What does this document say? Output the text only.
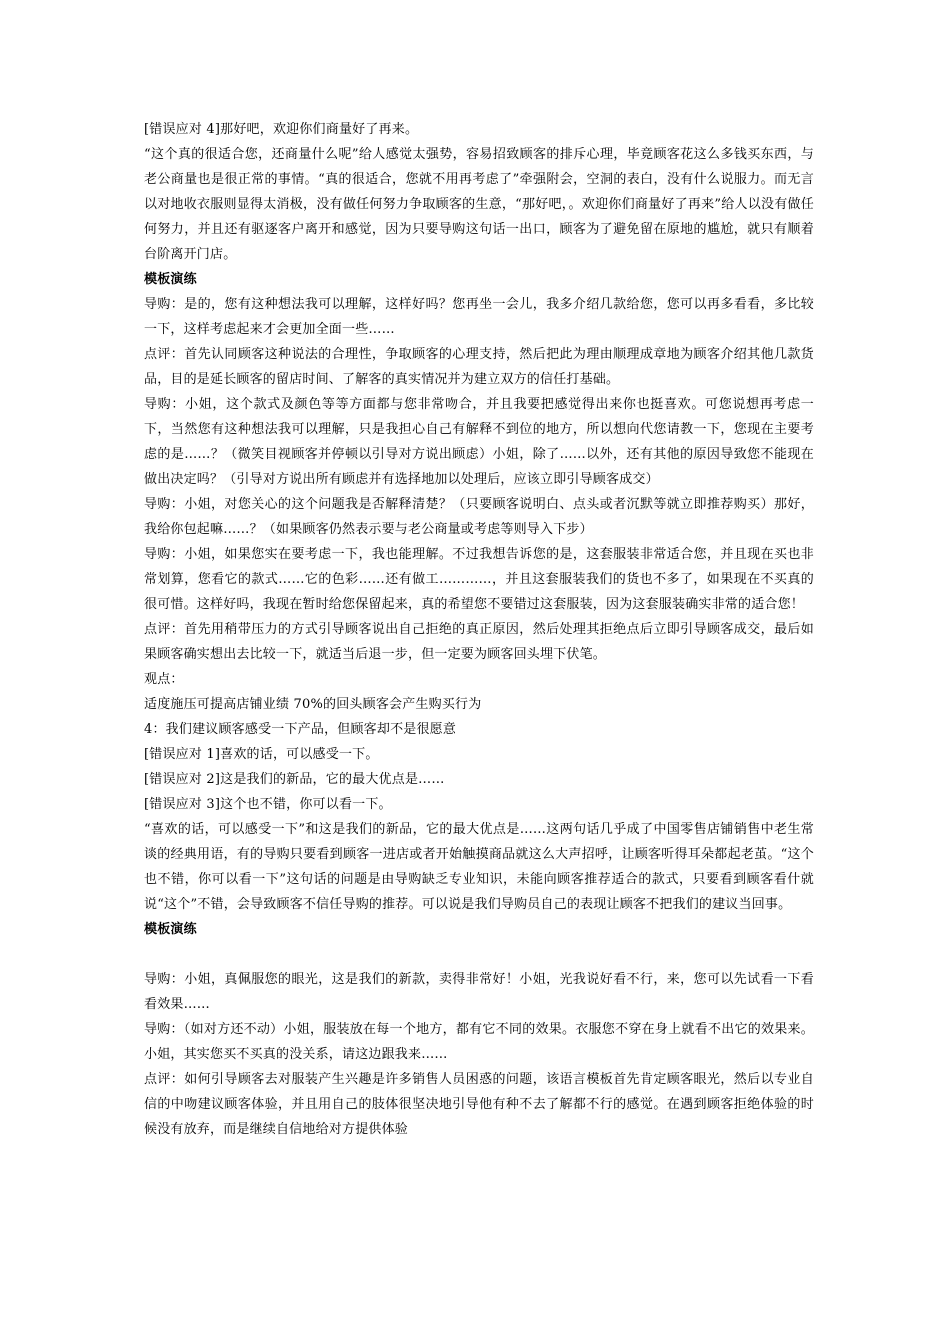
[错误应对 4]那好吧，欢迎你们商量好了再来。

“这个真的很适合您，还商量什么呢”给人感觉太强势，容易招致顾客的排斥心理，毕竟顾客花这么多钱买东西，与老公商量也是很正常的事情。“真的很适合，您就不用再考虑了”牵强附会，空洞的表白，没有什么说服力。而无言以对地收衣服则显得太消极，没有做任何努力争取顾客的生意，“那好吧，。欢迎你们商量好了再来”给人以没有做任何努力，并且还有驱逐客户离开和感觉，因为只要导购这句话一出口，顾客为了避免留在原地的尴尬，就只有顺着台阶离开门店。

模板演练

导购：是的，您有这种想法我可以理解，这样好吗？您再坐一会儿，我多介绍几款给您，您可以再多看看，多比较一下，这样考虑起来才会更加全面一些……

点评：首先认同顾客这种说法的合理性，争取顾客的心理支持，然后把此为理由顺理成章地为顾客介绍其他几款货品，目的是延长顾客的留店时间、了解客的真实情况并为建立双方的信任打基础。

导购：小姐，这个款式及颜色等等方面都与您非常吻合，并且我要把感觉得出来你也挺喜欢。可您说想再考虑一下，当然您有这种想法我可以理解，只是我担心自己有解释不到位的地方，所以想向代您请教一下，您现在主要考虑的是……？（微笑目视顾客并停顿以引导对方说出顾虑）小姐，除了……以外，还有其他的原因导致您不能现在做出决定吗？（引导对方说出所有顾虑并有选择地加以处理后，应该立即引导顾客成交）

导购：小姐，对您关心的这个问题我是否解释清楚？（只要顾客说明白、点头或者沉默等就立即推荐购买）那好，我给你包起嘛……？（如果顾客仍然表示要与老公商量或考虑等则导入下步）

导购：小姐，如果您实在要考虑一下，我也能理解。不过我想告诉您的是，这套服装非常适合您，并且现在买也非常划算，您看它的款式……它的色彩……还有做工…………，并且这套服装我们的货也不多了，如果现在不买真的很可惜。这样好吗，我现在暂时给您保留起来，真的希望您不要错过这套服装，因为这套服装确实非常的适合您！

点评：首先用稍带压力的方式引导顾客说出自己拒绝的真正原因，然后处理其拒绝点后立即引导顾客成交，最后如果顾客确实想出去比较一下，就适当后退一步，但一定要为顾客回头埋下伏笔。

观点：

适度施压可提高店铺业绩 70%的回头顾客会产生购买行为

4：我们建议顾客感受一下产品，但顾客却不是很愿意

[错误应对 1]喜欢的话，可以感受一下。

[错误应对 2]这是我们的新品，它的最大优点是……

[错误应对 3]这个也不错，你可以看一下。

“喜欢的话，可以感受一下”和这是我们的新品，它的最大优点是……这两句话几乎成了中国零售店铺销售中老生常谈的经典用语，有的导购只要看到顾客一进店或者开始触摸商品就这么大声招呼，让顾客听得耳朵都起老茧。“这个也不错，你可以看一下”这句话的问题是由导购缺乏专业知识，未能向顾客推荐适合的款式，只要看到顾客看什就说“这个”不错，会导致顾客不信任导购的推荐。可以说是我们导购员自己的表现让顾客不把我们的建议当回事。

模板演练

导购：小姐，真佩服您的眼光，这是我们的新款，卖得非常好！小姐，光我说好看不行，来，您可以先试看一下看看效果……

导购：（如对方还不动）小姐，服装放在每一个地方，都有它不同的效果。衣服您不穿在身上就看不出它的效果来。小姐，其实您买不买真的没关系，请这边跟我来……

点评：如何引导顾客去对服装产生兴趣是许多销售人员困惑的问题，该语言模板首先肯定顾客眼光，然后以专业自信的中吻建议顾客体验，并且用自己的肢体很坚决地引导他有种不去了解都不行的感觉。在遇到顾客拒绝体验的时候没有放弃，而是继续自信地给对方提供体验
